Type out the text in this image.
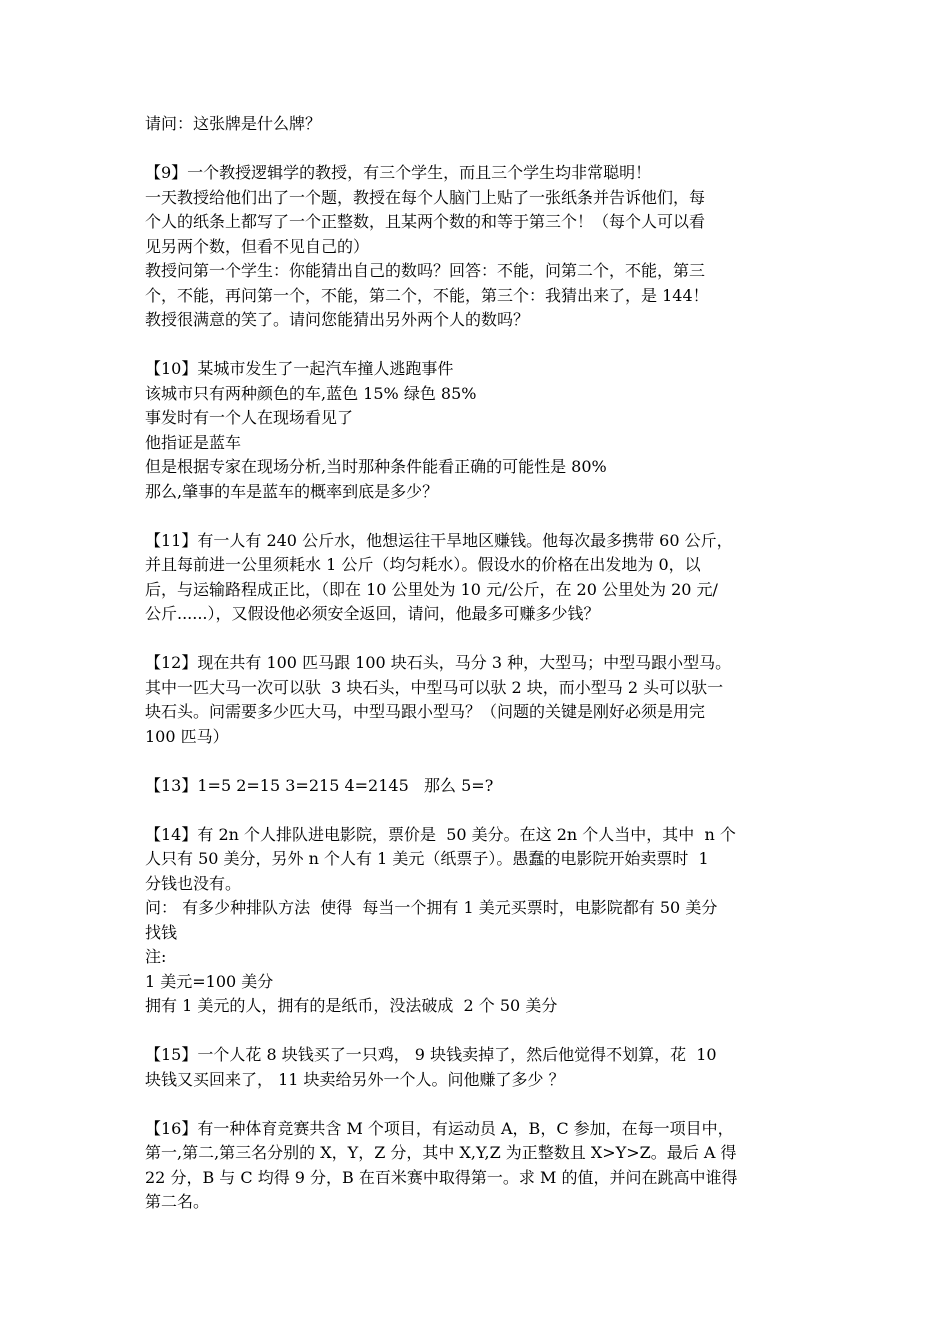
请问：这张牌是什么牌？
【9】一个教授逻辑学的教授，有三个学生，而且三个学生均非常聪明！
一天教授给他们出了一个题，教授在每个人脑门上贴了一张纸条并告诉他们，每
个人的纸条上都写了一个正整数，且某两个数的和等于第三个！（每个人可以看
见另两个数，但看不见自己的）
教授问第一个学生：你能猜出自己的数吗？回答：不能，问第二个，不能，第三
个，不能，再问第一个，不能，第二个，不能，第三个：我猜出来了，是 144！
教授很满意的笑了。请问您能猜出另外两个人的数吗？
【10】某城市发生了一起汽车撞人逃跑事件
该城市只有两种颜色的车,蓝色 15% 绿色 85%
事发时有一个人在现场看见了
他指证是蓝车
但是根据专家在现场分析,当时那种条件能看正确的可能性是 80%
那么,肇事的车是蓝车的概率到底是多少？
【11】有一人有 240 公斤水，他想运往干旱地区赚钱。他每次最多携带 60 公斤，
并且每前进一公里须耗水 1 公斤（均匀耗水）。假设水的价格在出发地为 0，以
后，与运输路程成正比，（即在 10 公里处为 10 元/公斤，在 20 公里处为 20 元/
公斤......），又假设他必须安全返回，请问，他最多可赚多少钱？
【12】现在共有 100 匹马跟 100 块石头，马分 3 种，大型马；中型马跟小型马。
其中一匹大马一次可以驮  3 块石头，中型马可以驮 2 块，而小型马 2 头可以驮一
块石头。问需要多少匹大马，中型马跟小型马？（问题的关键是刚好必须是用完
100 匹马）
【13】1=5 2=15 3=215 4=2145   那么 5=?
【14】有 2n 个人排队进电影院，票价是  50 美分。在这 2n 个人当中，其中  n 个
人只有 50 美分，另外 n 个人有 1 美元（纸票子）。愚蠢的电影院开始卖票时  1
分钱也没有。
问： 有多少种排队方法  使得  每当一个拥有 1 美元买票时，电影院都有 50 美分
找钱
注:
1 美元=100 美分
拥有 1 美元的人，拥有的是纸币，没法破成  2 个 50 美分
【15】一个人花 8 块钱买了一只鸡， 9 块钱卖掉了，然后他觉得不划算，花  10
块钱又买回来了， 11 块卖给另外一个人。问他赚了多少 ？
【16】有一种体育竞赛共含 M 个项目，有运动员 A，B，C 参加，在每一项目中，
第一,第二,第三名分别的 X，Y，Z 分，其中 X,Y,Z 为正整数且 X>Y>Z。最后 A 得
22 分，B 与 C 均得 9 分，B 在百米赛中取得第一。求 M 的值，并问在跳高中谁得
第二名。
